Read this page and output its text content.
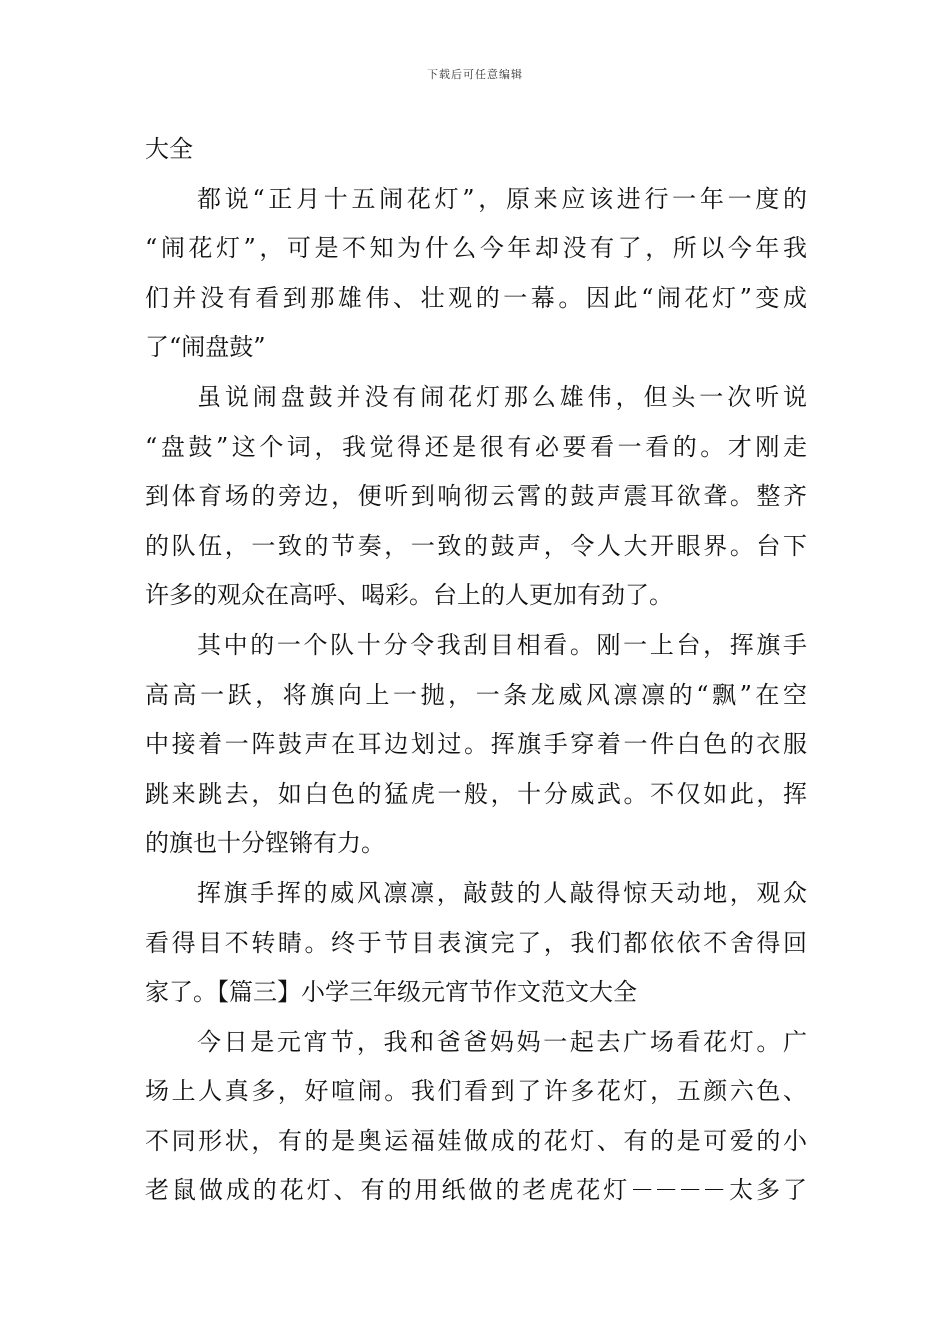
下载后可任意编辑
大全
都说“正月十五闹花灯”，原来应该进行一年一度的
“闹花灯”，可是不知为什么今年却没有了，所以今年我
们并没有看到那雄伟、壮观的一幕。因此“闹花灯”变成
了“闹盘鼓”
虽说闹盘鼓并没有闹花灯那么雄伟，但头一次听说
“盘鼓”这个词，我觉得还是很有必要看一看的。才刚走
到体育场的旁边，便听到响彻云霄的鼓声震耳欲聋。整齐
的队伍，一致的节奏，一致的鼓声，令人大开眼界。台下
许多的观众在高呼、喝彩。台上的人更加有劲了。
其中的一个队十分令我刮目相看。刚一上台，挥旗手
高高一跃，将旗向上一抛，一条龙威风凛凛的“飘”在空
中接着一阵鼓声在耳边划过。挥旗手穿着一件白色的衣服
跳来跳去，如白色的猛虎一般，十分威武。不仅如此，挥
的旗也十分铿锵有力。
挥旗手挥的威风凛凛，敲鼓的人敲得惊天动地，观众
看得目不转睛。终于节目表演完了，我们都依依不舍得回
家了。【篇三】小学三年级元宵节作文范文大全
今日是元宵节，我和爸爸妈妈一起去广场看花灯。广
场上人真多，好喧闹。我们看到了许多花灯，五颜六色、
不同形状，有的是奥运福娃做成的花灯、有的是可爱的小
老鼠做成的花灯、有的用纸做的老虎花灯－－－－太多了
